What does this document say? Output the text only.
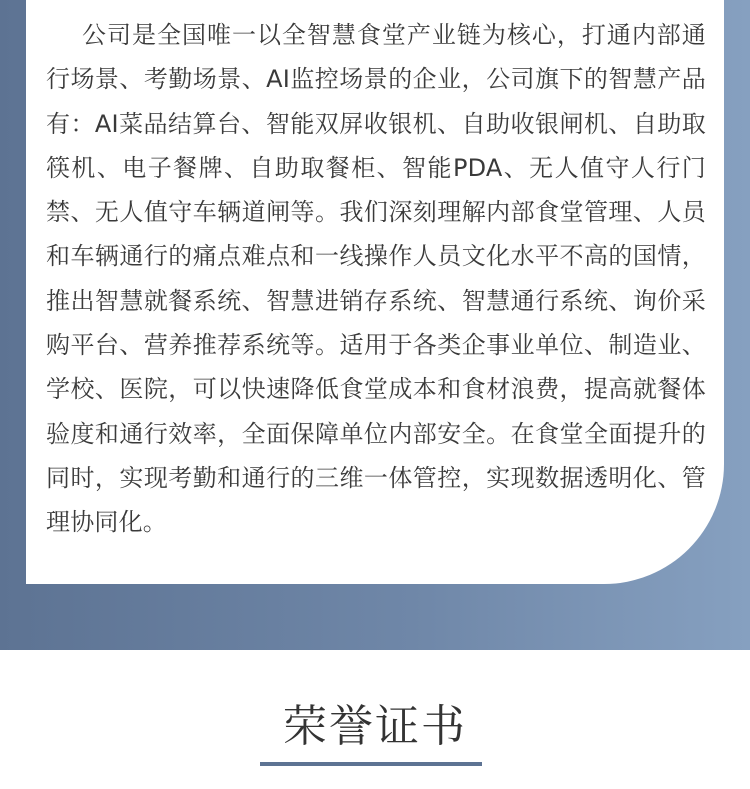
公司是全国唯一以全智慧食堂产业链为核心，打通内部通行场景、考勤场景、AI监控场景的企业，公司旗下的智慧产品有：AI菜品结算台、智能双屏收银机、自助收银闸机、自助取筷机、电子餐牌、自助取餐柜、智能PDA、无人值守人行门禁、无人值守车辆道闸等。我们深刻理解内部食堂管理、人员和车辆通行的痛点难点和一线操作人员文化水平不高的国情，推出智慧就餐系统、智慧进销存系统、智慧通行系统、询价采购平台、营养推荐系统等。适用于各类企事业单位、制造业、学校、医院，可以快速降低食堂成本和食材浪费，提高就餐体验度和通行效率，全面保障单位内部安全。在食堂全面提升的同时，实现考勤和通行的三维一体管控，实现数据透明化、管理协同化。

荣誉证书
